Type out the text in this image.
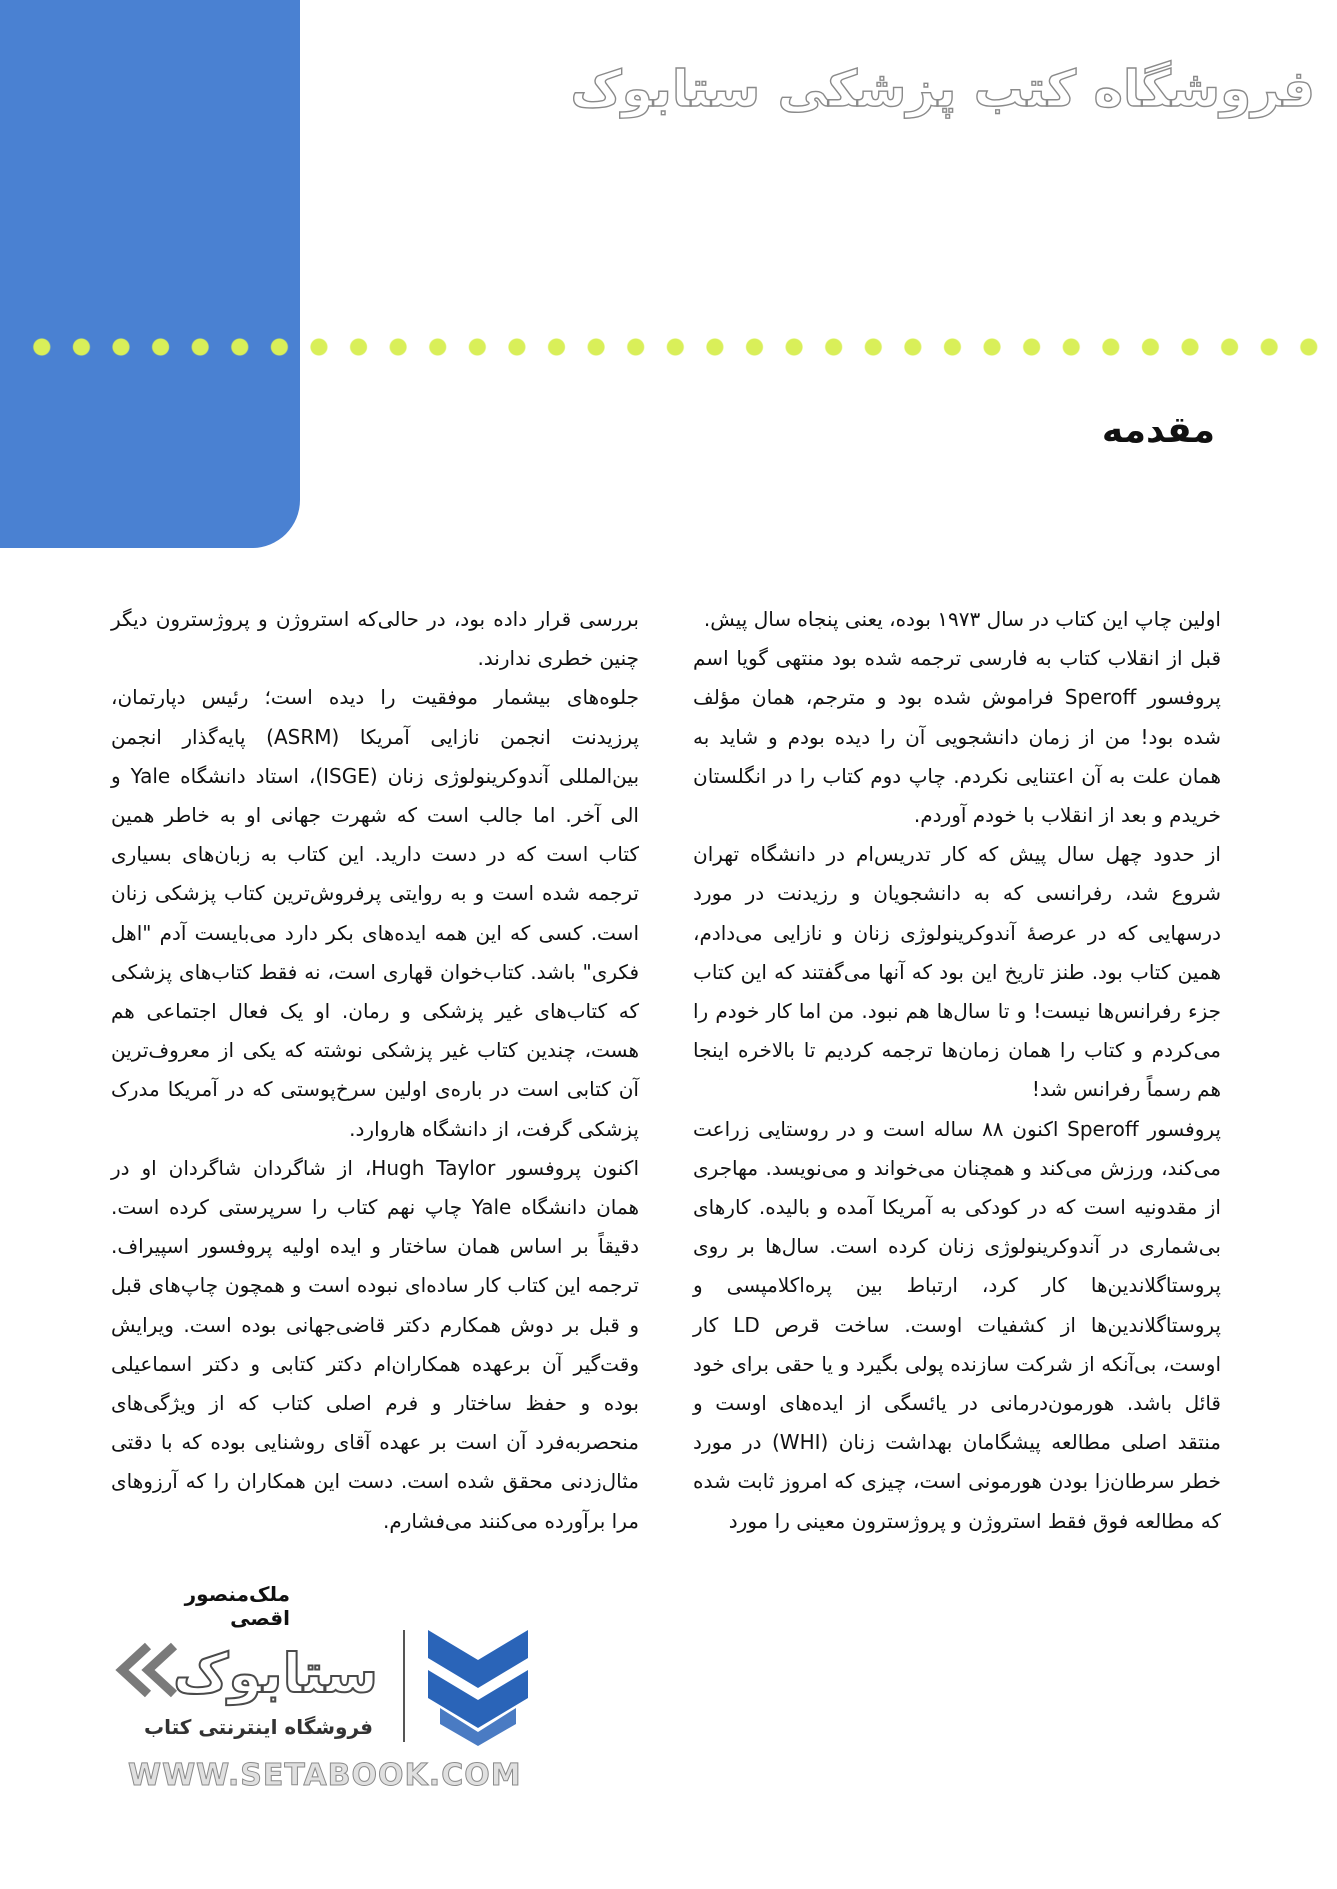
فروشگاه کتب پزشکی ستابوک
مقدمه

اولین چاپ این کتاب در سال ۱۹۷۳ بوده، یعنی پنجاه سال پیش.

قبل از انقلاب کتاب به فارسی ترجمه شده بود منتهی گویا اسم پروفسور Speroff فراموش شده بود و مترجم، همان مؤلف شده بود! من از زمان دانشجویی آن را دیده بودم و شاید به همان علت به آن اعتنایی نکردم. چاپ دوم کتاب را در انگلستان خریدم و بعد از انقلاب با خودم آوردم.

از حدود چهل سال پیش که کار تدریس‌ام در دانشگاه تهران شروع شد، رفرانسی که به دانشجویان و رزیدنت در مورد درسهایی که در عرصهٔ آندوکرینولوژی زنان و نازایی می‌دادم، همین کتاب بود. طنز تاریخ این بود که آنها می‌گفتند که این کتاب جزء رفرانس‌ها نیست! و تا سال‌ها هم نبود. من اما کار خودم را می‌کردم و کتاب را همان زمان‌ها ترجمه کردیم تا بالاخره اینجا هم رسماً رفرانس شد!

پروفسور Speroff اکنون ۸۸ ساله است و در روستایی زراعت می‌کند، ورزش می‌کند و همچنان می‌خواند و می‌نویسد. مهاجری از مقدونیه است که در کودکی به آمریکا آمده و بالیده. کارهای بی‌شماری در آندوکرینولوژی زنان کرده است. سال‌ها بر روی پروستاگلاندین‌ها کار کرد، ارتباط بین پره‌اکلامپسی و پروستاگلاندین‌ها از کشفیات اوست. ساخت قرص LD کار اوست، بی‌آنکه از شرکت سازنده پولی بگیرد و یا حقی برای خود قائل باشد. هورمون‌درمانی در یائسگی از ایده‌های اوست و منتقد اصلی مطالعه پیشگامان بهداشت زنان (WHI) در مورد خطر سرطان‌زا بودن هورمونی است، چیزی که امروز ثابت شده که مطالعه فوق فقط استروژن و پروژسترون معینی را مورد

بررسی قرار داده بود، در حالی‌که استروژن و پروژسترون دیگر چنین خطری ندارند.

جلوه‌های بیشمار موفقیت را دیده است؛ رئیس دپارتمان، پرزیدنت انجمن نازایی آمریکا (ASRM) پایه‌گذار انجمن بین‌المللی آندوکرینولوژی زنان (ISGE)، استاد دانشگاه Yale و الی آخر. اما جالب است که شهرت جهانی او به خاطر همین کتاب است که در دست دارید. این کتاب به زبان‌های بسیاری ترجمه شده است و به روایتی پرفروش‌ترین کتاب پزشکی زنان است. کسی که این همه ایده‌های بکر دارد می‌بایست آدم "اهل فکری" باشد. کتاب‌خوان قهاری است، نه فقط کتاب‌های پزشکی که کتاب‌های غیر پزشکی و رمان. او یک فعال اجتماعی هم هست، چندین کتاب غیر پزشکی نوشته که یکی از معروف‌ترین آن کتابی است در باره‌ی اولین سرخ‌پوستی که در آمریکا مدرک پزشکی گرفت، از دانشگاه هاروارد.

اکنون پروفسور Hugh Taylor، از شاگردان شاگردان او در همان دانشگاه Yale چاپ نهم کتاب را سرپرستی کرده است. دقیقاً بر اساس همان ساختار و ایده اولیه پروفسور اسپیراف. ترجمه این کتاب کار ساده‌ای نبوده است و همچون چاپ‌های قبل و قبل بر دوش همکارم دکتر قاضی‌جهانی بوده است. ویرایش وقت‌گیر آن برعهده همکاران‌ام دکتر کتابی و دکتر اسماعیلی بوده و حفظ ساختار و فرم اصلی کتاب که از ویژگی‌های منحصربه‌فرد آن است بر عهده آقای روشنایی بوده که با دقتی مثال‌زدنی محقق شده است. دست این همکاران را که آرزوهای مرا برآورده می‌کنند می‌فشارم.

ملک‌منصور اقصی
ستابوک
فروشگاه اینترنتی کتاب
WWW.SETABOOK.COM
